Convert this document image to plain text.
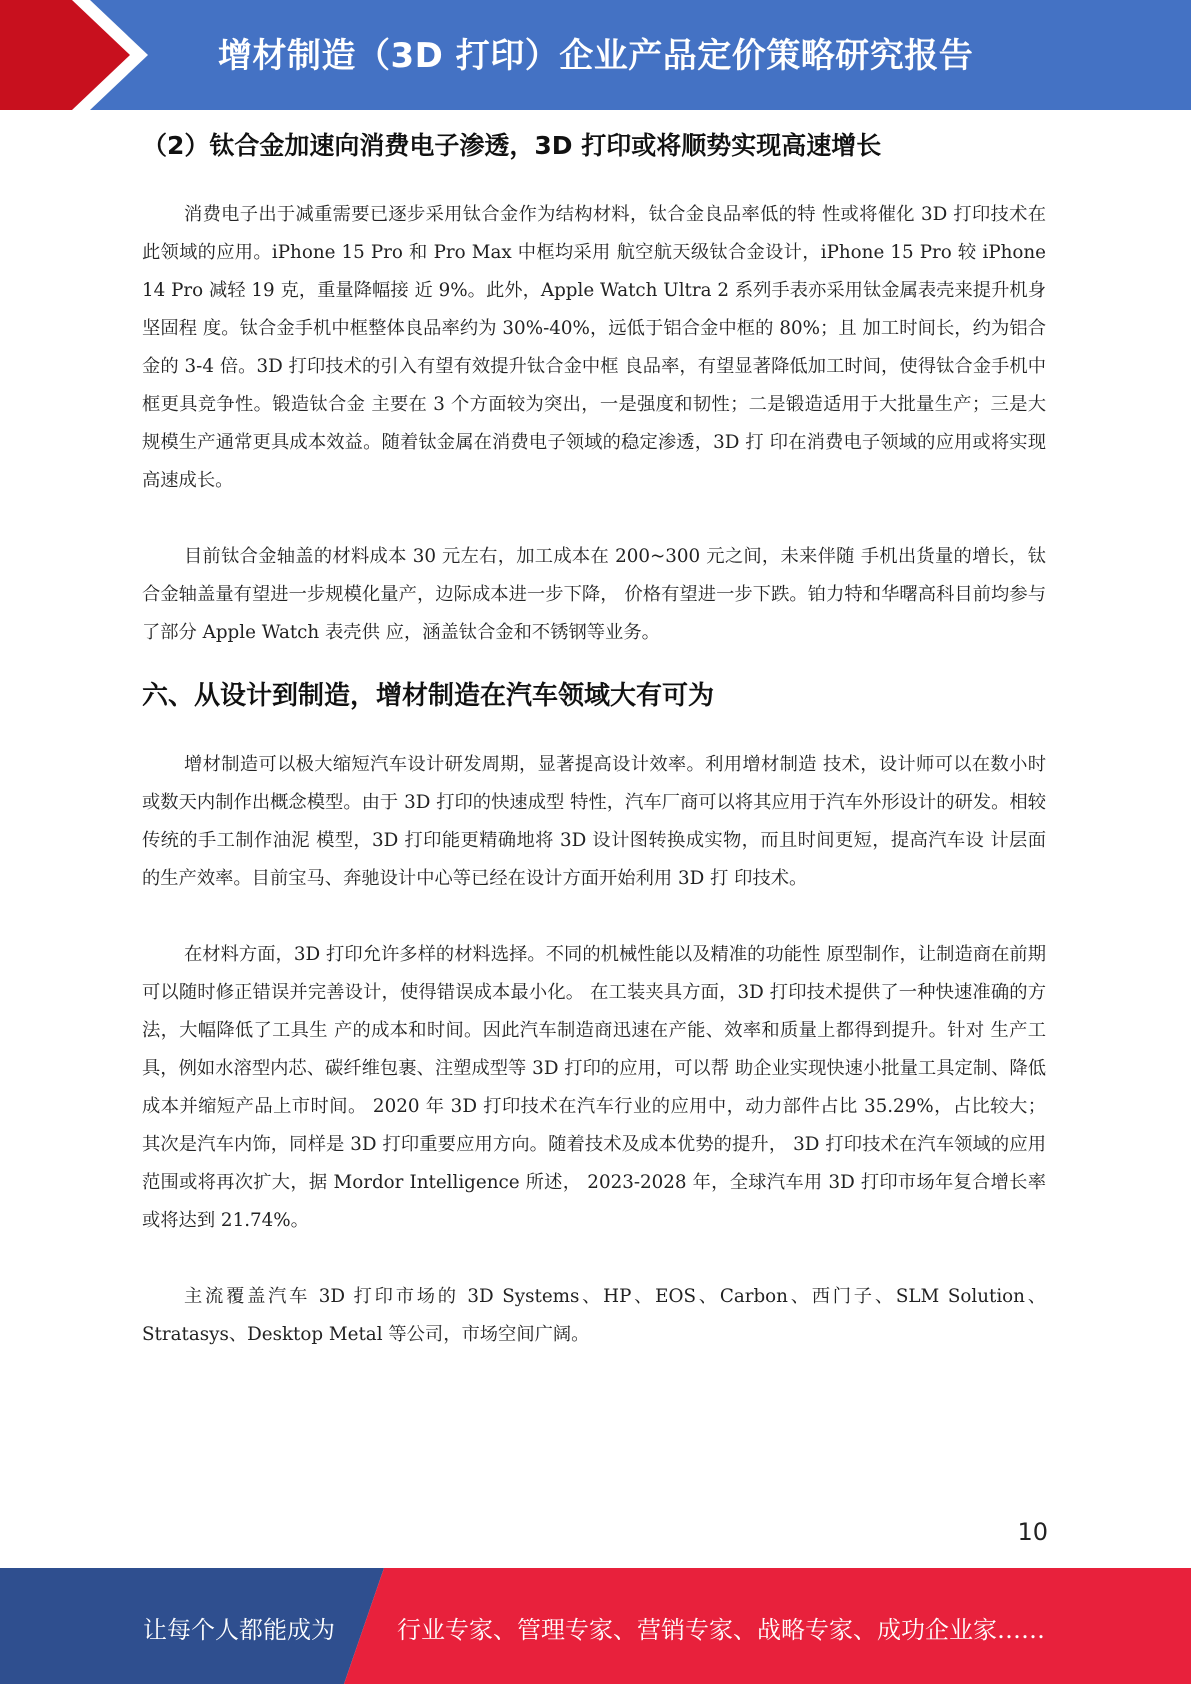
增材制造（3D 打印）企业产品定价策略研究报告
（2）钛合金加速向消费电子渗透，3D 打印或将顺势实现高速增长

消费电子出于减重需要已逐步采用钛合金作为结构材料，钛合金良品率低的特 性或将催化 3D 打印技术在此领域的应用。iPhone 15 Pro 和 Pro Max 中框均采用 航空航天级钛合金设计，iPhone 15 Pro 较 iPhone 14 Pro 减轻 19 克，重量降幅接 近 9%。此外，Apple Watch Ultra 2 系列手表亦采用钛金属表壳来提升机身坚固程 度。钛合金手机中框整体良品率约为 30%-40%，远低于铝合金中框的 80%；且 加工时间长，约为铝合金的 3-4 倍。3D 打印技术的引入有望有效提升钛合金中框 良品率，有望显著降低加工时间，使得钛合金手机中框更具竞争性。锻造钛合金 主要在 3 个方面较为突出，一是强度和韧性；二是锻造适用于大批量生产；三是大规模生产通常更具成本效益。随着钛金属在消费电子领域的稳定渗透，3D 打 印在消费电子领域的应用或将实现高速成长。

目前钛合金轴盖的材料成本 30 元左右，加工成本在 200~300 元之间，未来伴随 手机出货量的增长，钛合金轴盖量有望进一步规模化量产，边际成本进一步下降， 价格有望进一步下跌。铂力特和华曙高科目前均参与了部分 Apple Watch 表壳供 应，涵盖钛合金和不锈钢等业务。

六、从设计到制造，增材制造在汽车领域大有可为

增材制造可以极大缩短汽车设计研发周期，显著提高设计效率。利用增材制造 技术，设计师可以在数小时或数天内制作出概念模型。由于 3D 打印的快速成型 特性，汽车厂商可以将其应用于汽车外形设计的研发。相较传统的手工制作油泥 模型，3D 打印能更精确地将 3D 设计图转换成实物，而且时间更短，提高汽车设 计层面的生产效率。目前宝马、奔驰设计中心等已经在设计方面开始利用 3D 打 印技术。

在材料方面，3D 打印允许多样的材料选择。不同的机械性能以及精准的功能性 原型制作，让制造商在前期可以随时修正错误并完善设计，使得错误成本最小化。 在工装夹具方面，3D 打印技术提供了一种快速准确的方法，大幅降低了工具生 产的成本和时间。因此汽车制造商迅速在产能、效率和质量上都得到提升。针对 生产工具，例如水溶型内芯、碳纤维包裹、注塑成型等 3D 打印的应用，可以帮 助企业实现快速小批量工具定制、降低成本并缩短产品上市时间。 2020 年 3D 打印技术在汽车行业的应用中，动力部件占比 35.29%，占比较大； 其次是汽车内饰，同样是 3D 打印重要应用方向。随着技术及成本优势的提升， 3D 打印技术在汽车领域的应用范围或将再次扩大，据 Mordor Intelligence 所述， 2023-2028 年，全球汽车用 3D 打印市场年复合增长率或将达到 21.74%。

主流覆盖汽车 3D 打印市场的 3D Systems、HP、EOS、Carbon、西门子、SLM Solution、Stratasys、Desktop Metal 等公司，市场空间广阔。

10
让每个人都能成为	行业专家、管理专家、营销专家、战略专家、成功企业家……
